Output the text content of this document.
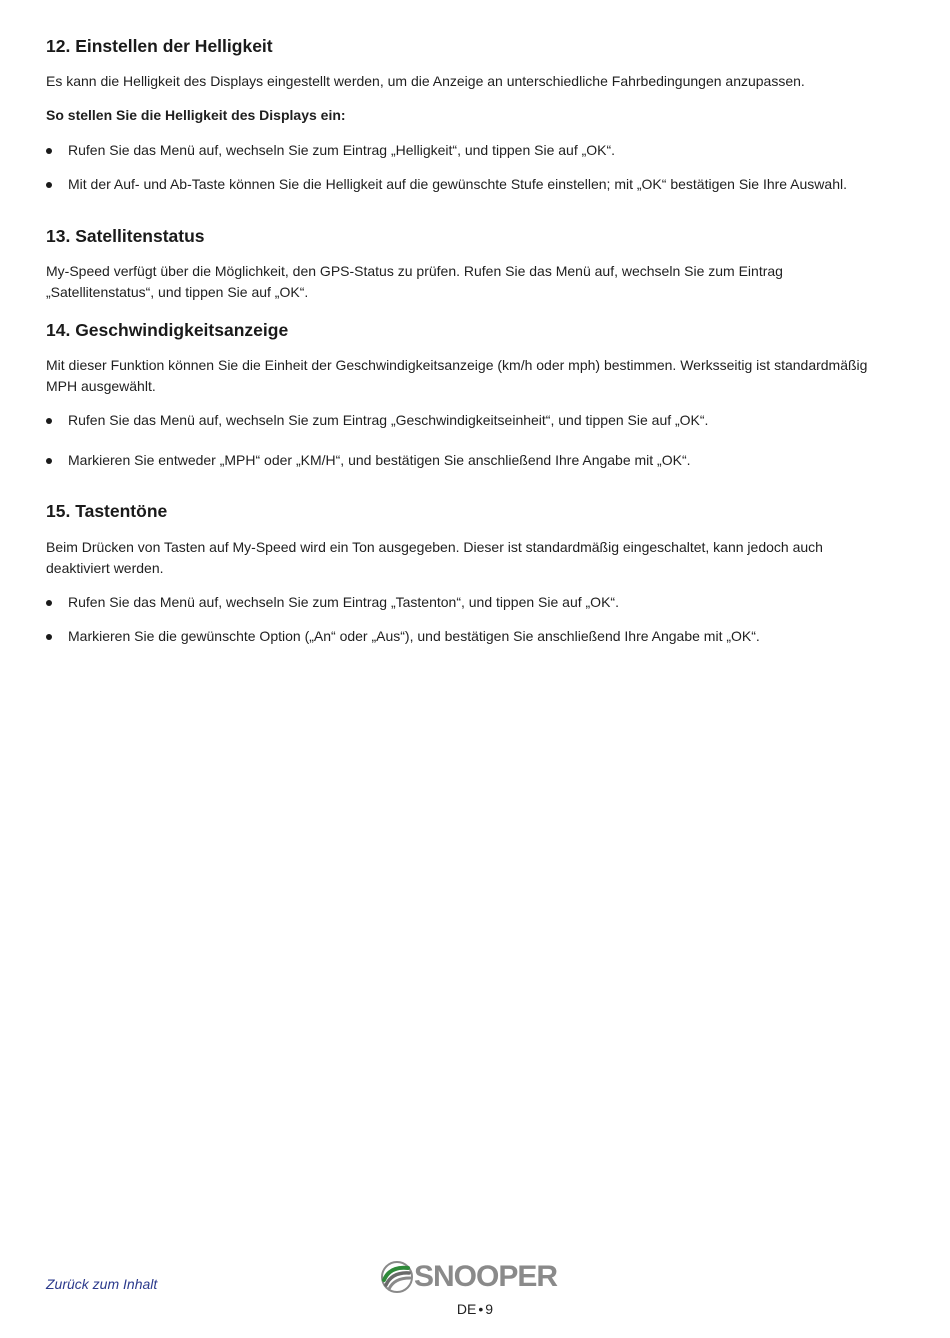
12. Einstellen der Helligkeit

Es kann die Helligkeit des Displays eingestellt werden, um die Anzeige an unterschiedliche Fahrbedingungen anzupassen.

So stellen Sie die Helligkeit des Displays ein:

Rufen Sie das Menü auf, wechseln Sie zum Eintrag „Helligkeit“, und tippen Sie auf „OK“.
Mit der Auf- und Ab-Taste können Sie die Helligkeit auf die gewünschte Stufe einstellen; mit „OK“ bestätigen Sie Ihre Auswahl.
13. Satellitenstatus

My-Speed verfügt über die Möglichkeit, den GPS-Status zu prüfen. Rufen Sie das Menü auf, wechseln Sie zum Eintrag

„Satellitenstatus“, und tippen Sie auf „OK“.

14. Geschwindigkeitsanzeige

Mit dieser Funktion können Sie die Einheit der Geschwindigkeitsanzeige (km/h oder mph) bestimmen. Werksseitig ist standardmäßig

MPH ausgewählt.

Rufen Sie das Menü auf, wechseln Sie zum Eintrag „Geschwindigkeitseinheit“, und tippen Sie auf „OK“.
Markieren Sie entweder „MPH“ oder „KM/H“, und bestätigen Sie anschließend Ihre Angabe mit „OK“.
15. Tastentöne

Beim Drücken von Tasten auf My-Speed wird ein Ton ausgegeben. Dieser ist standardmäßig eingeschaltet, kann jedoch auch

deaktiviert werden.

Rufen Sie das Menü auf, wechseln Sie zum Eintrag „Tastenton“, und tippen Sie auf „OK“.
Markieren Sie die gewünschte Option („An“ oder „Aus“), und bestätigen Sie anschließend Ihre Angabe mit „OK“.
Zurück zum Inhalt	SNOOPER
DE • 9
